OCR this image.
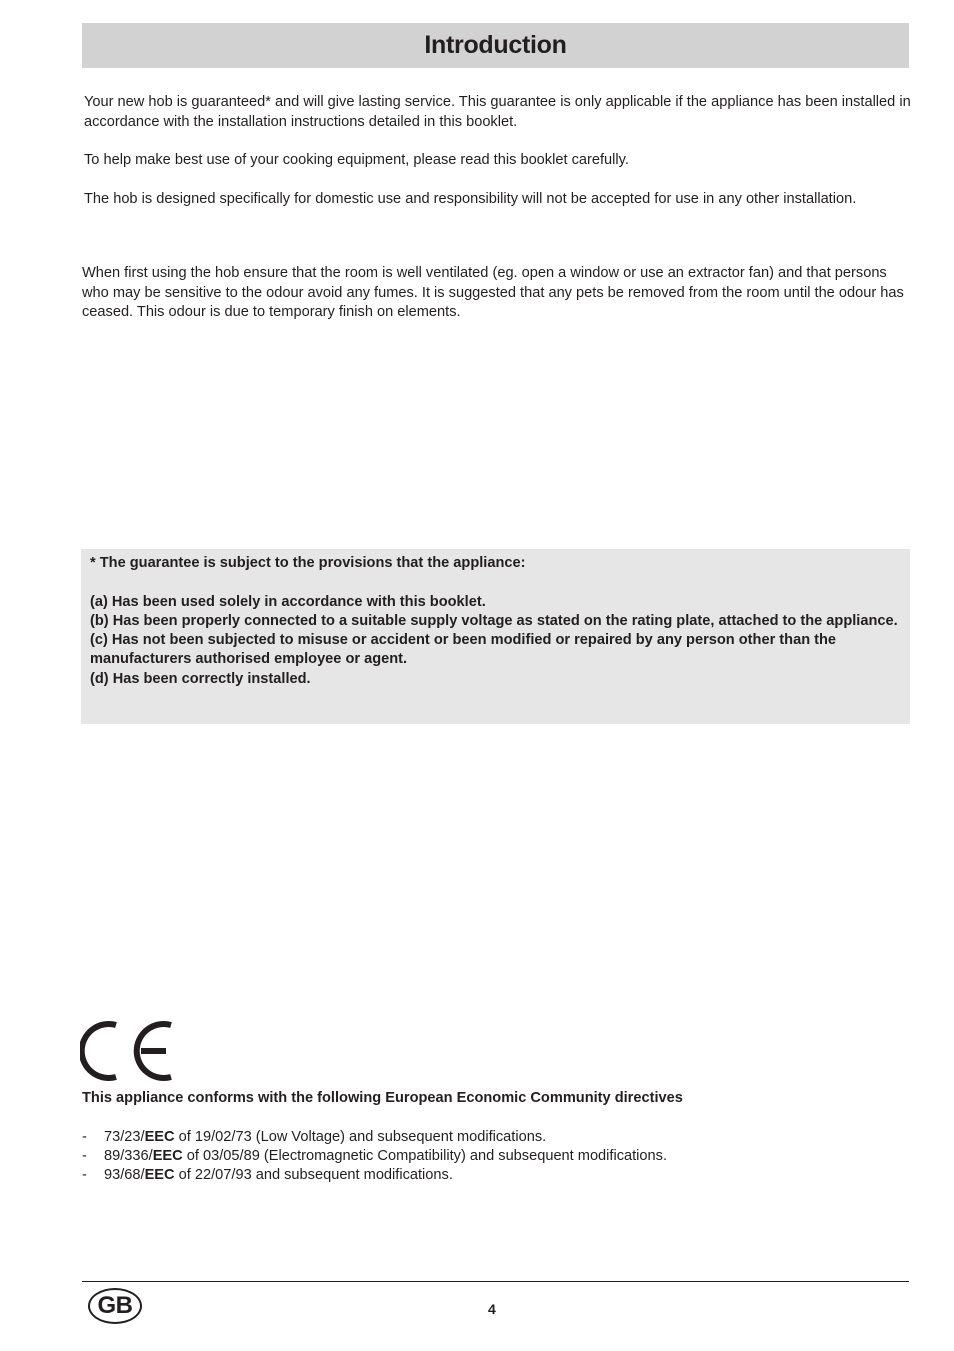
Introduction

Your new hob is guaranteed* and will give lasting service. This guarantee is only applicable if the appliance has been installed in accordance with the installation instructions detailed in this booklet.

To help make best use of your cooking equipment, please read this booklet carefully.

The hob is designed specifically for domestic use and responsibility will not be accepted for use in any other installation.

When first using the hob ensure that the room is well ventilated (eg. open a window or use an extractor fan) and that persons who may be sensitive to the odour avoid any fumes. It is suggested that any pets be removed from the room until the odour has ceased. This odour is due to temporary finish on elements.

* The guarantee is subject to the provisions that the appliance:

(a) Has been used solely in accordance with this booklet.

(b) Has been properly connected to a suitable supply voltage as stated on the rating plate, attached to the appliance.

(c) Has not been subjected to misuse or accident or been modified or repaired by any person other than the manufacturers authorised employee or agent.

(d) Has been correctly installed.

This appliance conforms with the following European Economic Community directives

- 73/23/EEC of 19/02/73 (Low Voltage) and subsequent modifications.
- 89/336/EEC of 03/05/89 (Electromagnetic Compatibility) and subsequent modifications.
- 93/68/EEC of 22/07/93 and subsequent modifications.
GB	4
